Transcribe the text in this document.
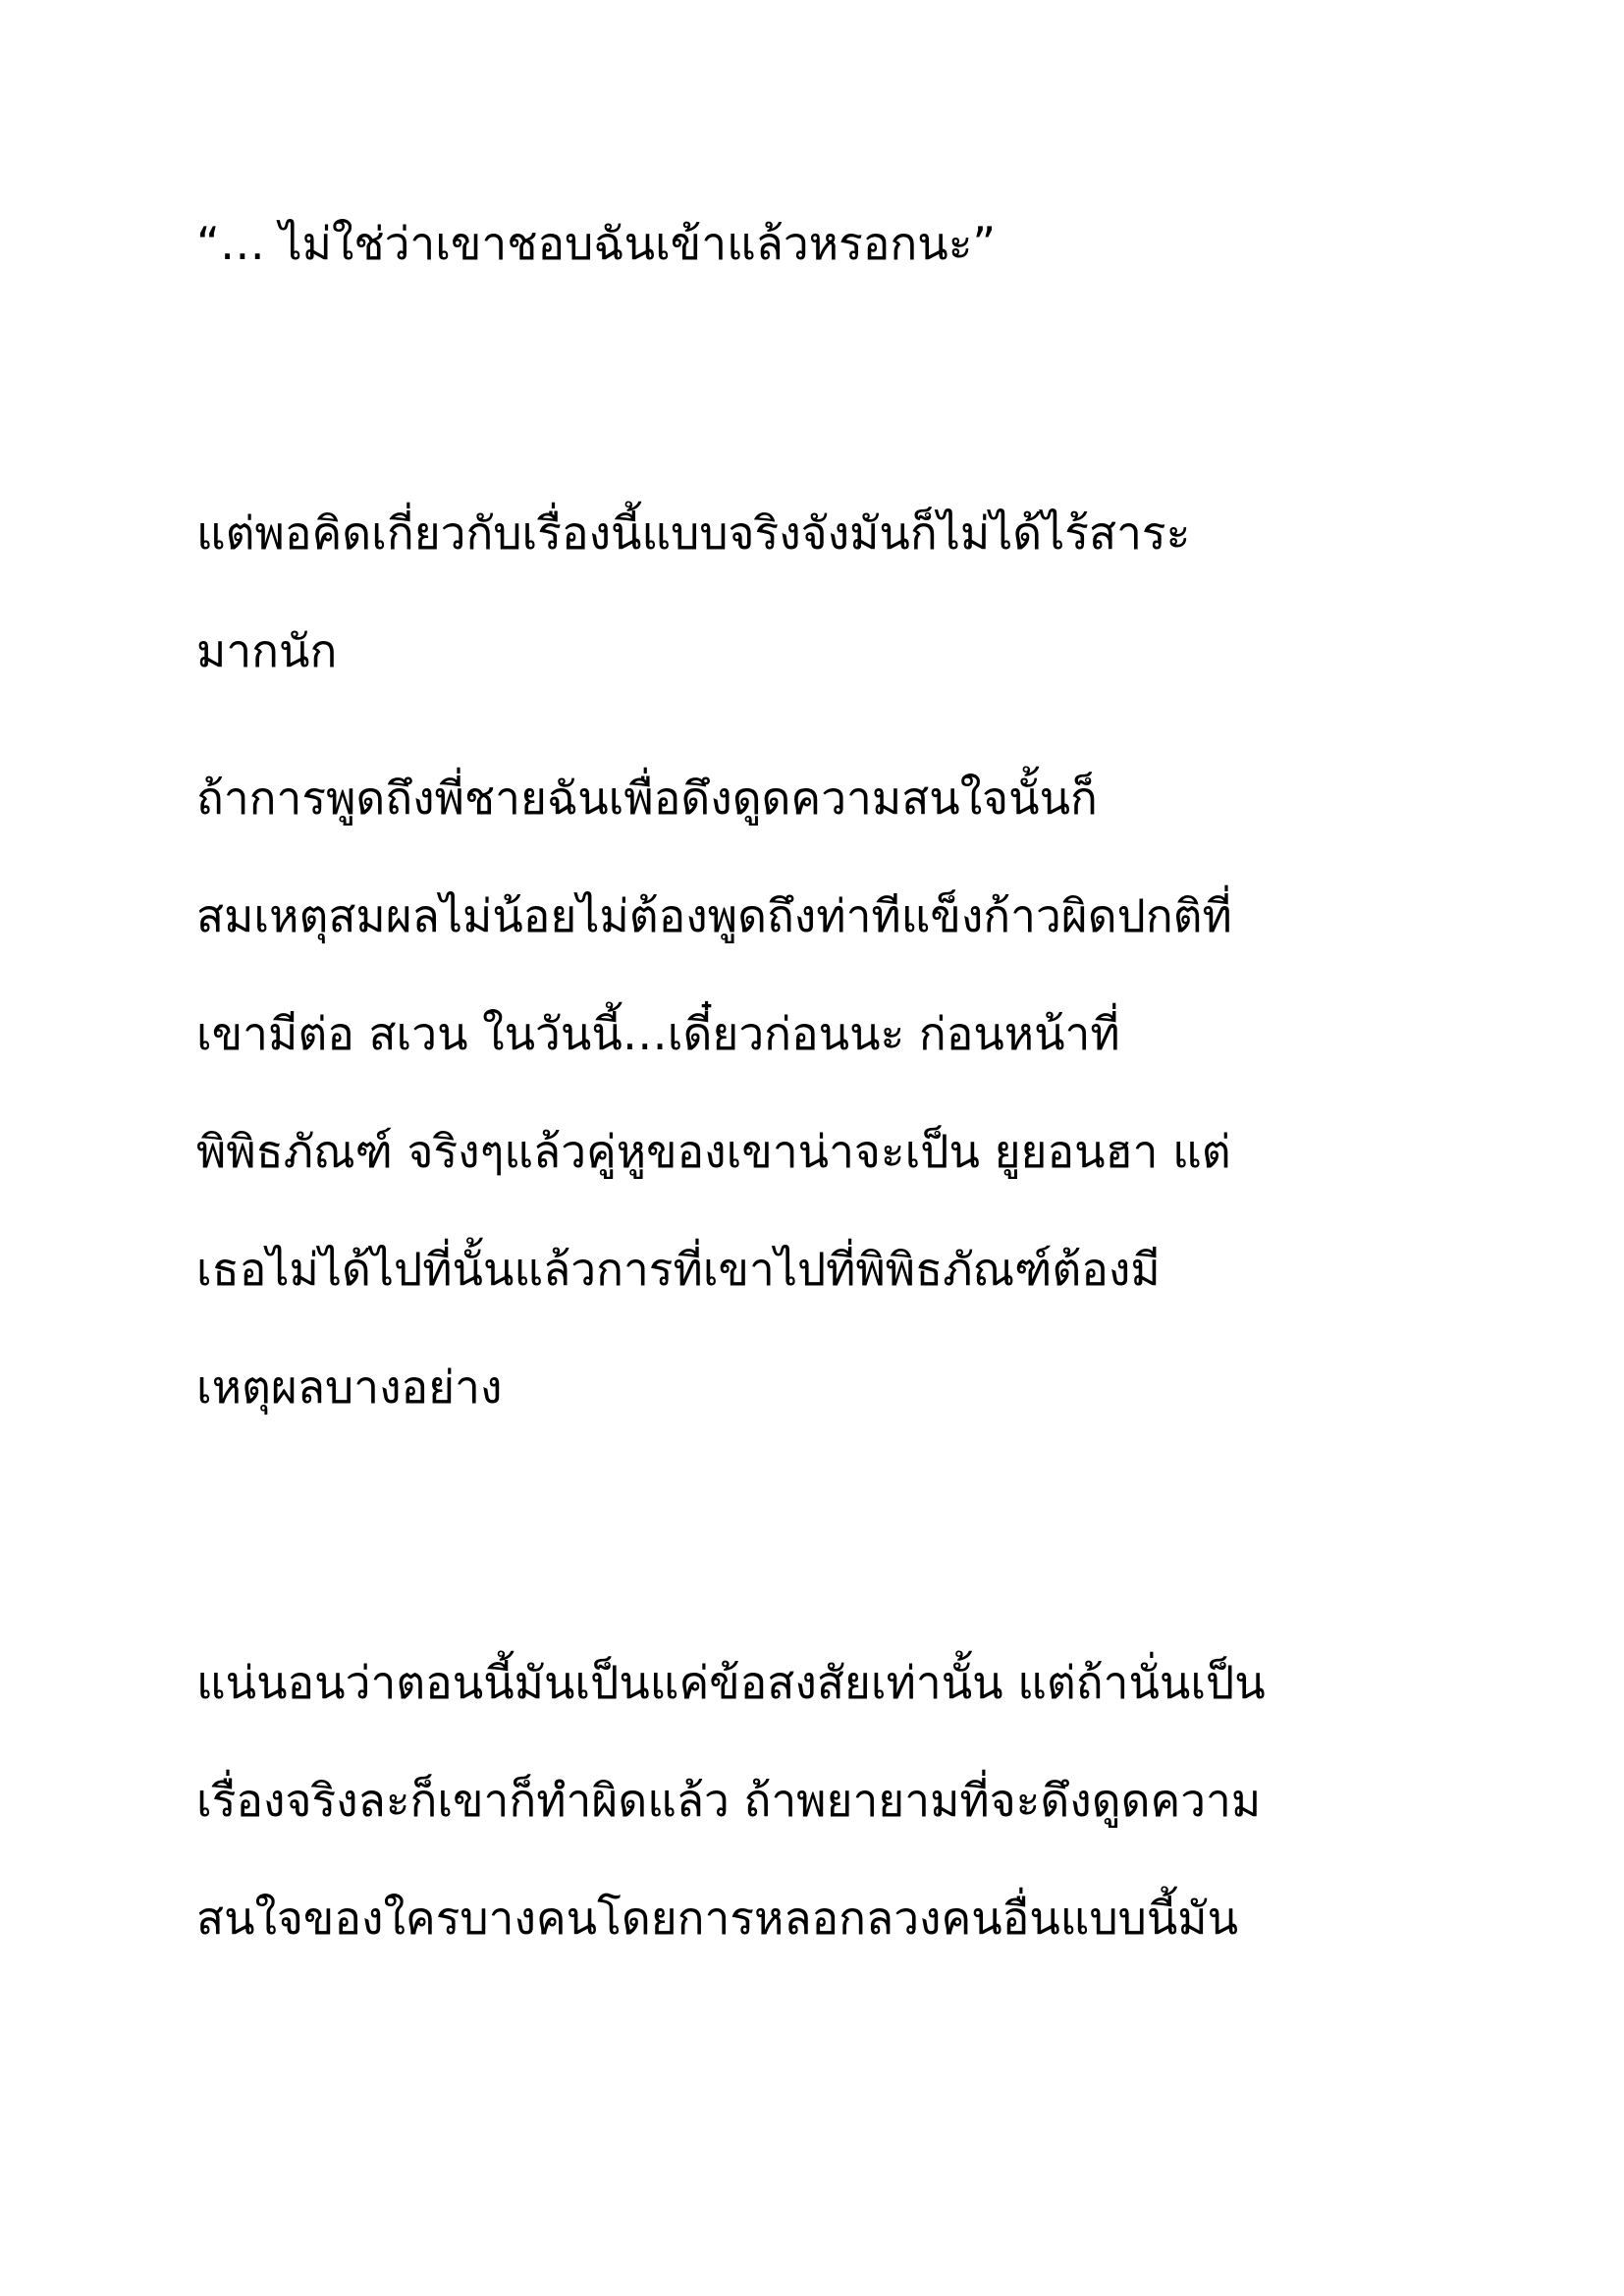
“… ไม่ใช่ว่าเขาชอบฉันเข้าแล้วหรอกนะ”
แต่พอคิดเกี่ยวกับเรื่องนี้แบบจริงจังมันก็ไม่ได้ไร้สาระ
มากนัก
ถ้าการพูดถึงพี่ชายฉันเพื่อดึงดูดความสนใจนั้นก็
สมเหตุสมผลไม่น้อยไม่ต้องพูดถึงท่าทีแข็งก้าวผิดปกติที่
เขามีต่อ สเวน ในวันนี้…เดี๋ยวก่อนนะ ก่อนหน้าที่
พิพิธภัณฑ์ จริงๆแล้วคู่หูของเขาน่าจะเป็น ยูยอนฮา แต่
เธอไม่ได้ไปที่นั้นแล้วการที่เขาไปที่พิพิธภัณฑ์ต้องมี
เหตุผลบางอย่าง
แน่นอนว่าตอนนี้มันเป็นแค่ข้อสงสัยเท่านั้น แต่ถ้านั่นเป็น
เรื่องจริงละก็เขาก็ทำผิดแล้ว ถ้าพยายามที่จะดึงดูดความ
สนใจของใครบางคนโดยการหลอกลวงคนอื่นแบบนี้มัน
